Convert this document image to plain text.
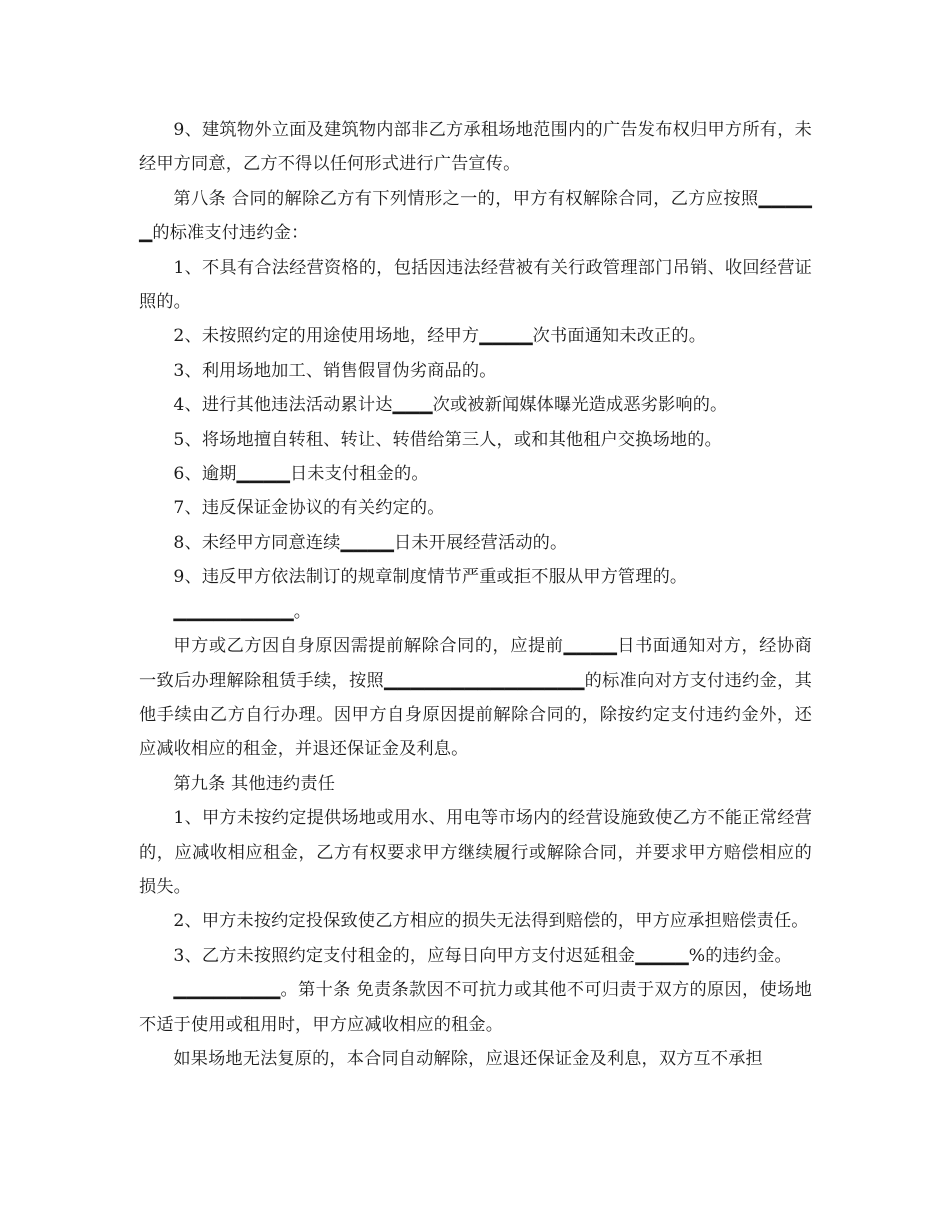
9、建筑物外立面及建筑物内部非乙方承租场地范围内的广告发布权归甲方所有，未经甲方同意，乙方不得以任何形式进行广告宣传。

第八条 合同的解除乙方有下列情形之一的，甲方有权解除合同，乙方应按照▁▁▁▁▁的标准支付违约金：

1、不具有合法经营资格的，包括因违法经营被有关行政管理部门吊销、收回经营证照的。

2、未按照约定的用途使用场地，经甲方▁▁▁▁次书面通知未改正的。

3、利用场地加工、销售假冒伪劣商品的。

4、进行其他违法活动累计达▁▁▁次或被新闻媒体曝光造成恶劣影响的。

5、将场地擅自转租、转让、转借给第三人，或和其他租户交换场地的。

6、逾期▁▁▁▁日未支付租金的。

7、违反保证金协议的有关约定的。

8、未经甲方同意连续▁▁▁▁日未开展经营活动的。

9、违反甲方依法制订的规章制度情节严重或拒不服从甲方管理的。

▁▁▁▁▁▁▁▁▁。

甲方或乙方因自身原因需提前解除合同的，应提前▁▁▁▁日书面通知对方，经协商一致后办理解除租赁手续，按照▁▁▁▁▁▁▁▁▁▁▁▁▁▁▁的标准向对方支付违约金，其他手续由乙方自行办理。因甲方自身原因提前解除合同的，除按约定支付违约金外，还应减收相应的租金，并退还保证金及利息。

第九条 其他违约责任

1、甲方未按约定提供场地或用水、用电等市场内的经营设施致使乙方不能正常经营的，应减收相应租金，乙方有权要求甲方继续履行或解除合同，并要求甲方赔偿相应的损失。

2、甲方未按约定投保致使乙方相应的损失无法得到赔偿的，甲方应承担赔偿责任。

3、乙方未按照约定支付租金的，应每日向甲方支付迟延租金▁▁▁▁%的违约金。

▁▁▁▁▁▁▁▁。第十条 免责条款因不可抗力或其他不可归责于双方的原因，使场地不适于使用或租用时，甲方应减收相应的租金。

如果场地无法复原的，本合同自动解除，应退还保证金及利息，双方互不承担
